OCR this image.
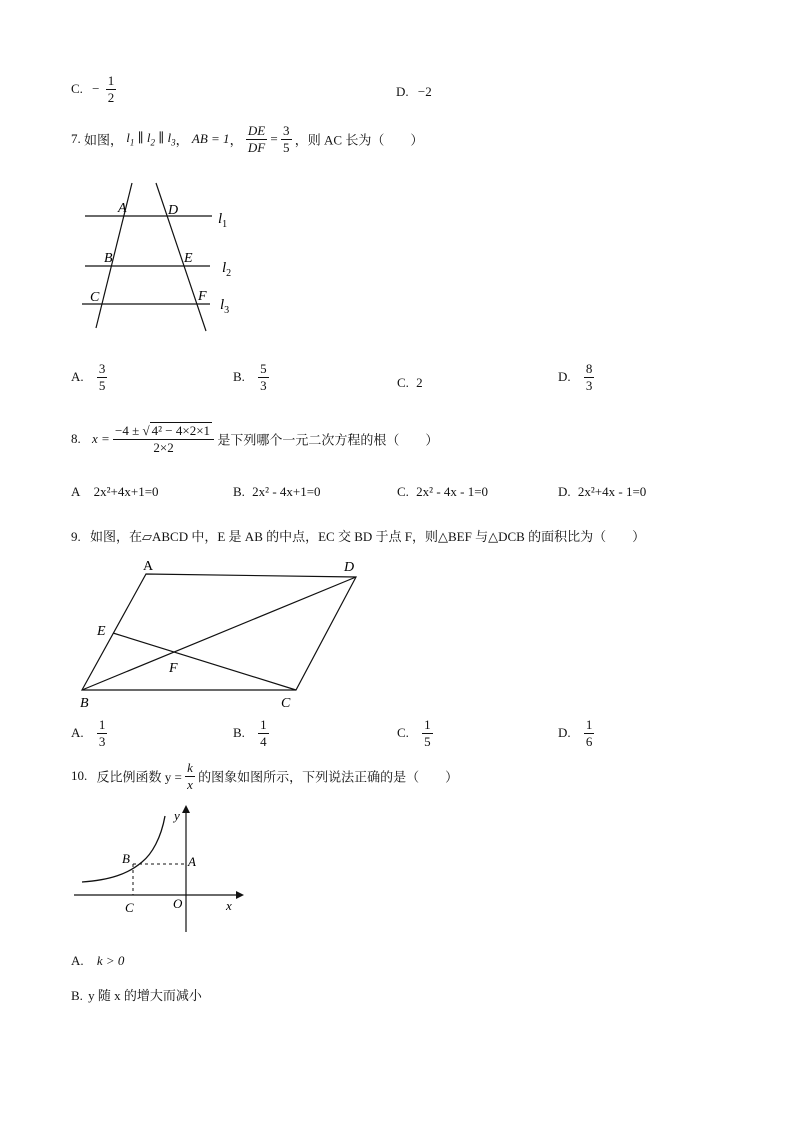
C. − $\frac{1}{2}$	D. −2
7. 如图， $l_1$ ∥ $l_2$ ∥ $l_3$， AB = 1， $\frac{DE}{DF} = \frac{3}{5}$ ，则 AC 长为（　　）
A	D
B	E
C	F
$l_1$
$l_2$
$l_3$
A. $\frac{3}{5}$	B. $\frac{5}{3}$	C. 2	D. $\frac{8}{3}$
8. $x = \frac{\text{−4 ± √ 4² − 4×2×1}}{2\times 2}$ 是下列哪个一元二次方程的根（　　）
A 2x²+4x+1=0	B. 2x² - 4x+1=0	C. 2x² - 4x - 1=0	D. 2x²+4x - 1=0
9. 如图，在▱ABCD 中，E 是 AB 的中点，EC 交 BD 于点 F，则△BEF 与△DCB 的面积比为（　　）
A	D
E
F
B	C
A. $\frac{1}{3}$	B. $\frac{1}{4}$	C. $\frac{1}{5}$	D. $\frac{1}{6}$
10. 反比例函数 $y = \frac{k}{x}$ 的图象如图所示，下列说法正确的是（　　）
y
x
A
B
C	O
A. k > 0
B. y 随 x 的增大而减小
